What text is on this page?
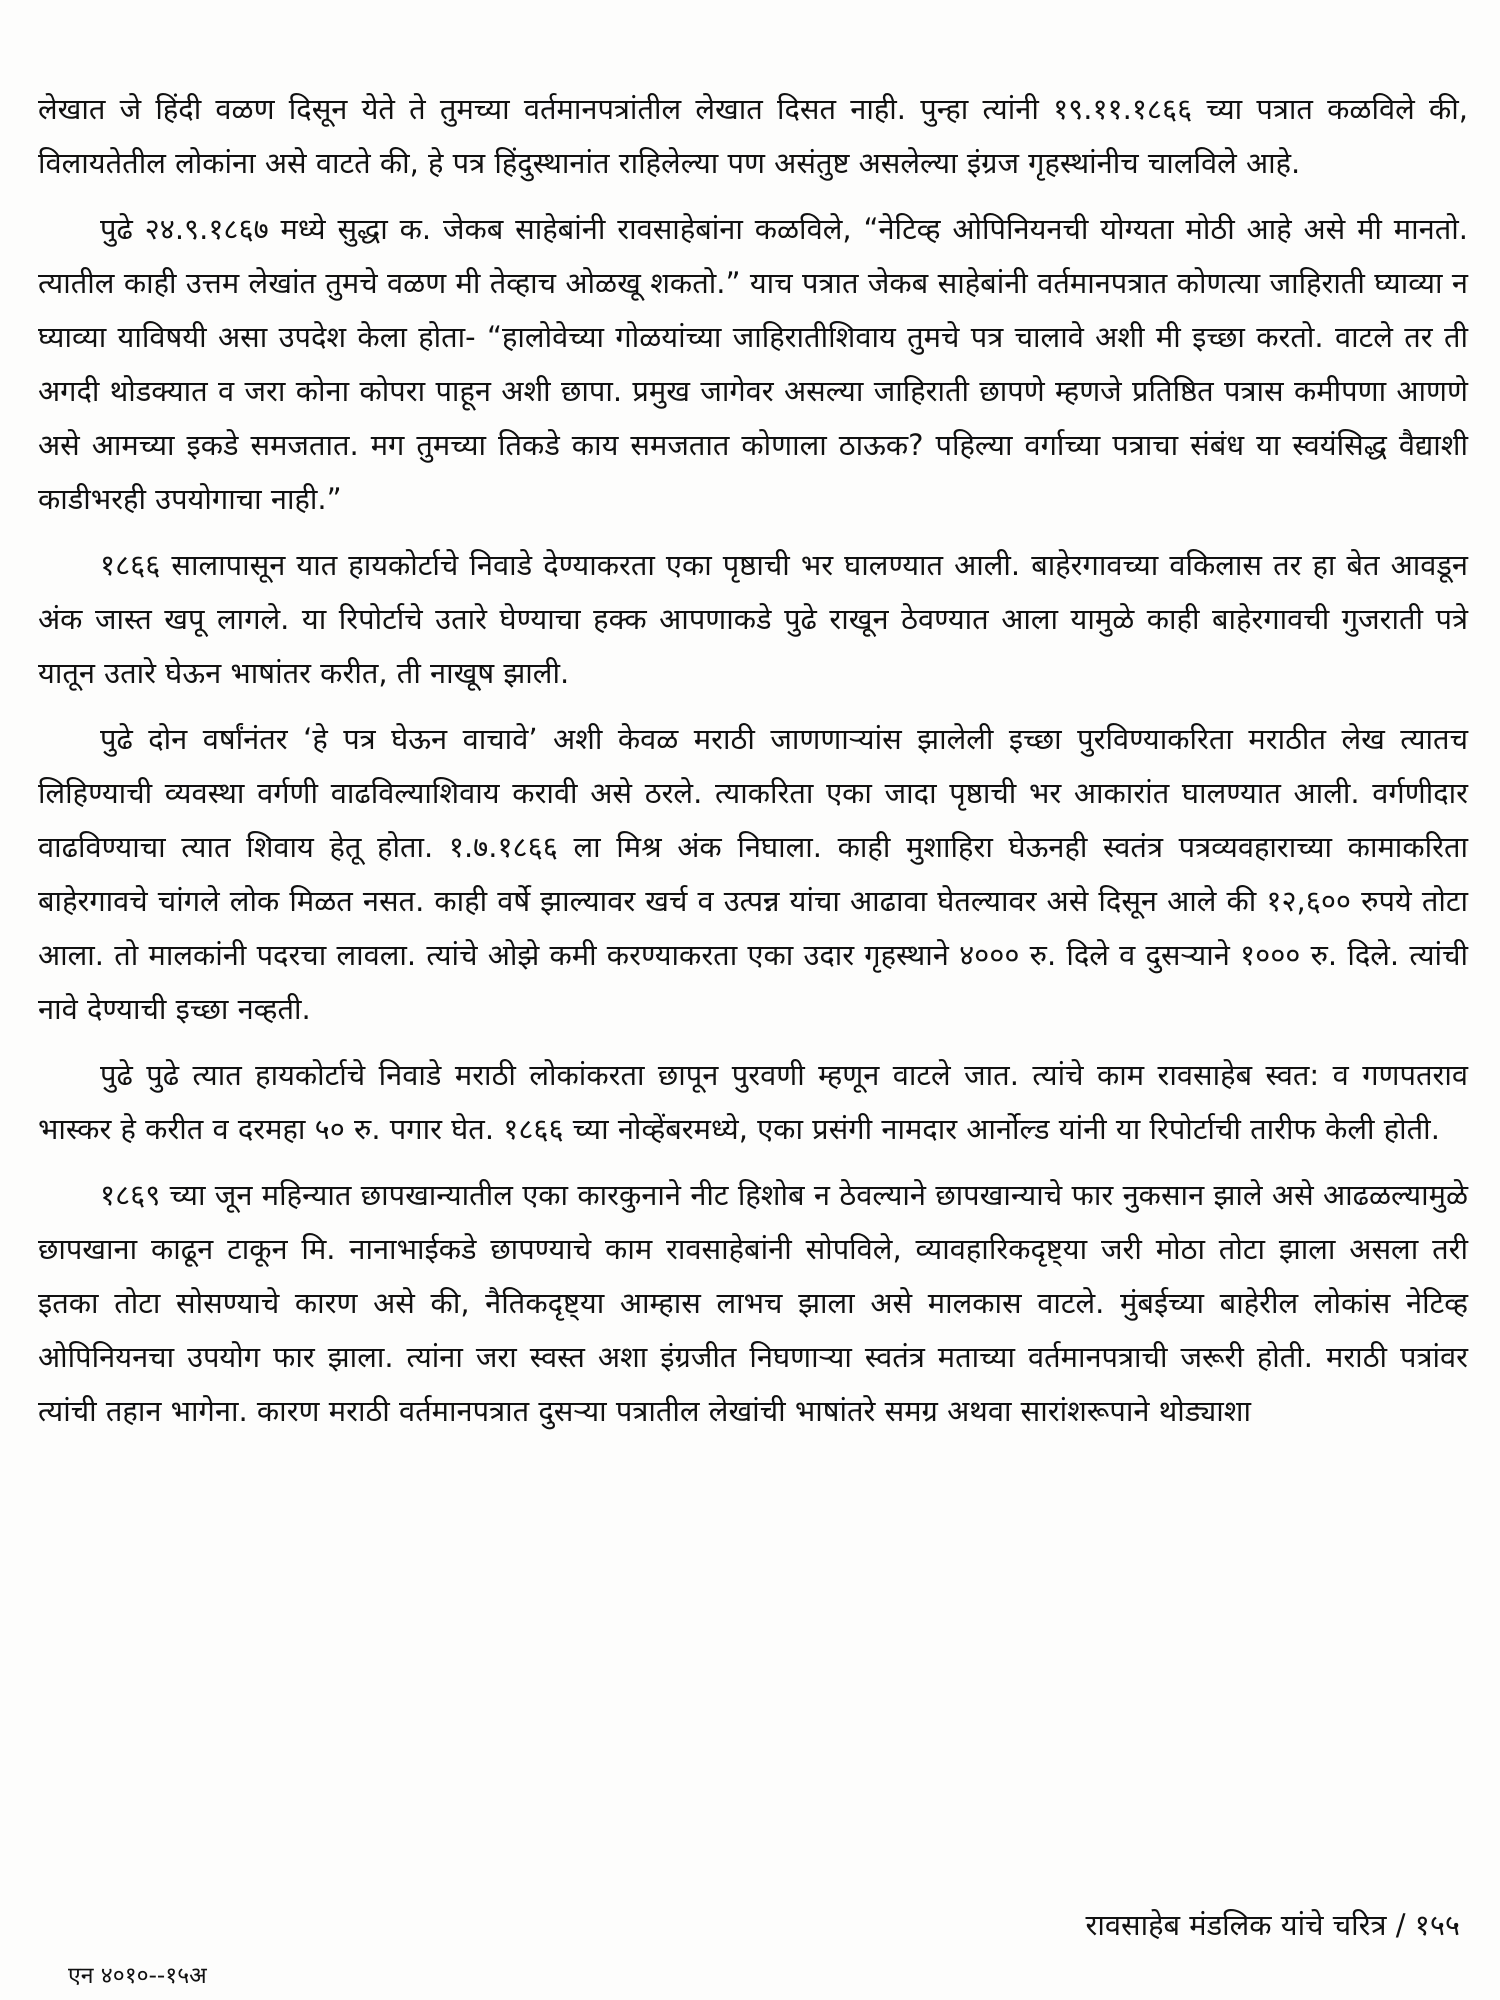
लेखात जे हिंदी वळण दिसून येते ते तुमच्या वर्तमानपत्रांतील लेखात दिसत नाही. पुन्हा त्यांनी १९.११.१८६६ च्या पत्रात कळविले की, विलायतेतील लोकांना असे वाटते की, हे पत्र हिंदुस्थानांत राहिलेल्या पण असंतुष्ट असलेल्या इंग्रज गृहस्थांनीच चालविले आहे.

पुढे २४.९.१८६७ मध्ये सुद्धा क. जेकब साहेबांनी रावसाहेबांना कळविले, “नेटिव्ह ओपिनियनची योग्यता मोठी आहे असे मी मानतो. त्यातील काही उत्तम लेखांत तुमचे वळण मी तेव्हाच ओळखू शकतो.” याच पत्रात जेकब साहेबांनी वर्तमानपत्रात कोणत्या जाहिराती घ्याव्या न घ्याव्या याविषयी असा उपदेश केला होता- “हालोवेच्या गोळयांच्या जाहिरातीशिवाय तुमचे पत्र चालावे अशी मी इच्छा करतो. वाटले तर ती अगदी थोडक्यात व जरा कोना कोपरा पाहून अशी छापा. प्रमुख जागेवर असल्या जाहिराती छापणे म्हणजे प्रतिष्ठित पत्रास कमीपणा आणणे असे आमच्या इकडे समजतात. मग तुमच्या तिकडे काय समजतात कोणाला ठाऊक? पहिल्या वर्गाच्या पत्राचा संबंध या स्वयंसिद्ध वैद्याशी काडीभरही उपयोगाचा नाही.”

१८६६ सालापासून यात हायकोर्टाचे निवाडे देण्याकरता एका पृष्ठाची भर घालण्यात आली. बाहेरगावच्या वकिलास तर हा बेत आवडून अंक जास्त खपू लागले. या रिपोर्टाचे उतारे घेण्याचा हक्क आपणाकडे पुढे राखून ठेवण्यात आला यामुळे काही बाहेरगावची गुजराती पत्रे यातून उतारे घेऊन भाषांतर करीत, ती नाखूष झाली.

पुढे दोन वर्षांनंतर ‘हे पत्र घेऊन वाचावे’ अशी केवळ मराठी जाणणाऱ्यांस झालेली इच्छा पुरविण्याकरिता मराठीत लेख त्यातच लिहिण्याची व्यवस्था वर्गणी वाढविल्याशिवाय करावी असे ठरले. त्याकरिता एका जादा पृष्ठाची भर आकारांत घालण्यात आली. वर्गणीदार वाढविण्याचा त्यात शिवाय हेतू होता. १.७.१८६६ ला मिश्र अंक निघाला. काही मुशाहिरा घेऊनही स्वतंत्र पत्रव्यवहाराच्या कामाकरिता बाहेरगावचे चांगले लोक मिळत नसत. काही वर्षे झाल्यावर खर्च व उत्पन्न यांचा आढावा घेतल्यावर असे दिसून आले की १२,६०० रुपये तोटा आला. तो मालकांनी पदरचा लावला. त्यांचे ओझे कमी करण्याकरता एका उदार गृहस्थाने ४००० रु. दिले व दुसऱ्याने १००० रु. दिले. त्यांची नावे देण्याची इच्छा नव्हती.

पुढे पुढे त्यात हायकोर्टाचे निवाडे मराठी लोकांकरता छापून पुरवणी म्हणून वाटले जात. त्यांचे काम रावसाहेब स्वत: व गणपतराव भास्कर हे करीत व दरमहा ५० रु. पगार घेत. १८६६ च्या नोव्हेंबरमध्ये, एका प्रसंगी नामदार आर्नोल्ड यांनी या रिपोर्टाची तारीफ केली होती.

१८६९ च्या जून महिन्यात छापखान्यातील एका कारकुनाने नीट हिशोब न ठेवल्याने छापखान्याचे फार नुकसान झाले असे आढळल्यामुळे छापखाना काढून टाकून मि. नानाभाईकडे छापण्याचे काम रावसाहेबांनी सोपविले, व्यावहारिकदृष्ट्या जरी मोठा तोटा झाला असला तरी इतका तोटा सोसण्याचे कारण असे की, नैतिकदृष्ट्या आम्हास लाभच झाला असे मालकास वाटले. मुंबईच्या बाहेरील लोकांस नेटिव्ह ओपिनियनचा उपयोग फार झाला. त्यांना जरा स्वस्त अशा इंग्रजीत निघणाऱ्या स्वतंत्र मताच्या वर्तमानपत्राची जरूरी होती. मराठी पत्रांवर त्यांची तहान भागेना. कारण मराठी वर्तमानपत्रात दुसऱ्या पत्रातील लेखांची भाषांतरे समग्र अथवा सारांशरूपाने थोड्याशा

रावसाहेब मंडलिक यांचे चरित्र / १५५
एन ४०१०--१५अ
